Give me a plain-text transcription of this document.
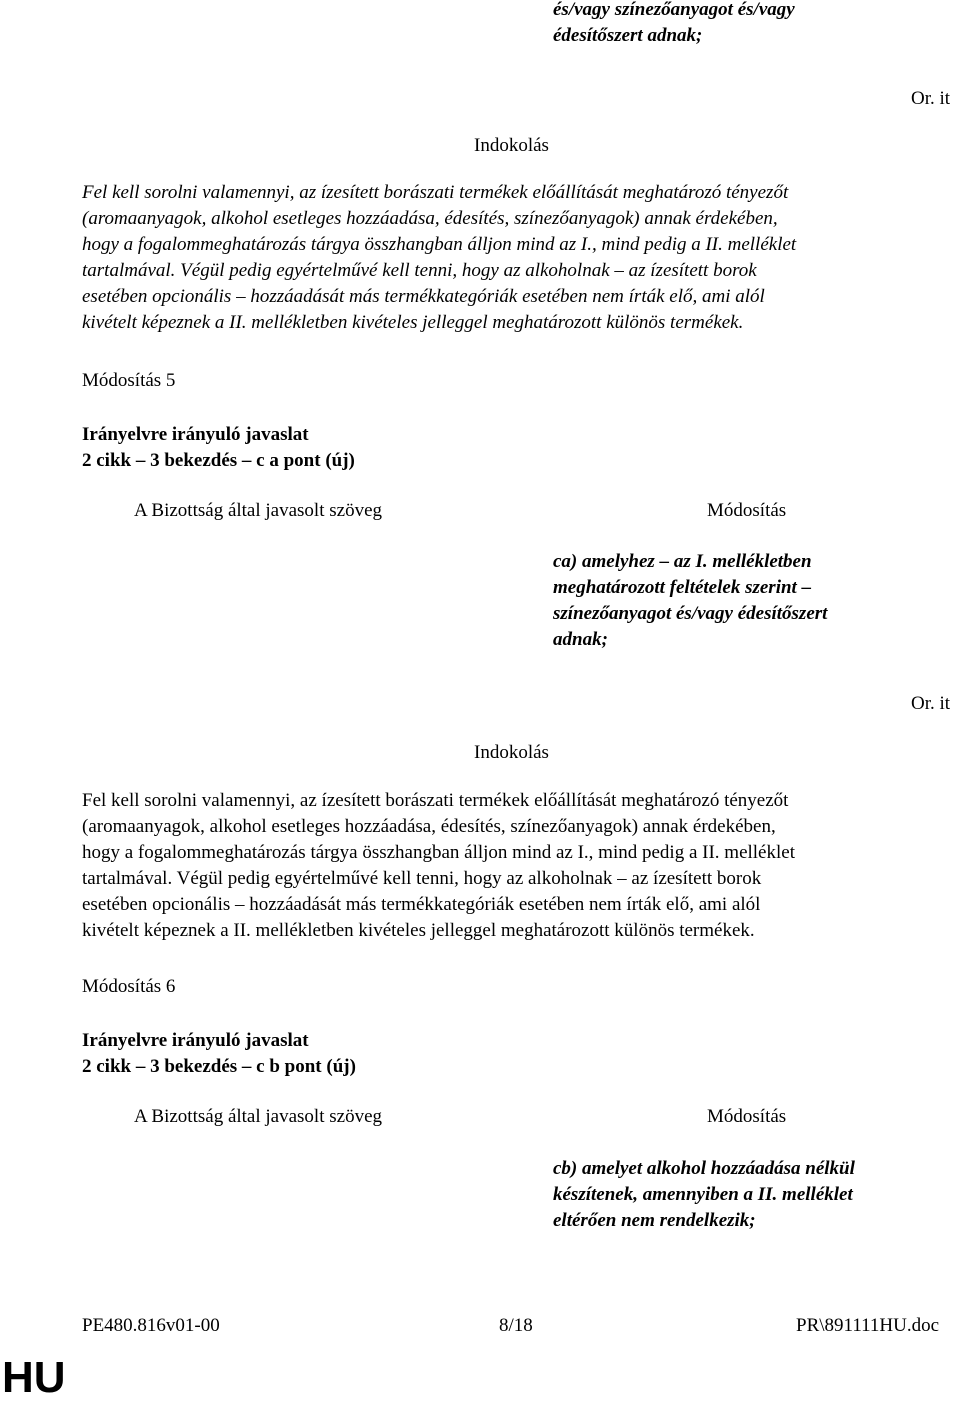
és/vagy színezőanyagot és/vagy
édesítőszert adnak;
Or. it
Indokolás
Fel kell sorolni valamennyi, az ízesített borászati termékek előállítását meghatározó tényezőt
(aromaanyagok, alkohol esetleges hozzáadása, édesítés, színezőanyagok) annak érdekében,
hogy a fogalommeghatározás tárgya összhangban álljon mind az I., mind pedig a II. melléklet
tartalmával. Végül pedig egyértelművé kell tenni, hogy az alkoholnak – az ízesített borok
esetében opcionális – hozzáadását más termékkategóriák esetében nem írták elő, ami alól
kivételt képeznek a II. mellékletben kivételes jelleggel meghatározott különös termékek.
Módosítás 5
Irányelvre irányuló javaslat
2 cikk – 3 bekezdés – c a pont (új)
A Bizottság által javasolt szöveg	Módosítás
ca) amelyhez – az I. mellékletben
meghatározott feltételek szerint –
színezőanyagot és/vagy édesítőszert
adnak;
Or. it
Indokolás
Fel kell sorolni valamennyi, az ízesített borászati termékek előállítását meghatározó tényezőt
(aromaanyagok, alkohol esetleges hozzáadása, édesítés, színezőanyagok) annak érdekében,
hogy a fogalommeghatározás tárgya összhangban álljon mind az I., mind pedig a II. melléklet
tartalmával. Végül pedig egyértelművé kell tenni, hogy az alkoholnak – az ízesített borok
esetében opcionális – hozzáadását más termékkategóriák esetében nem írták elő, ami alól
kivételt képeznek a II. mellékletben kivételes jelleggel meghatározott különös termékek.
Módosítás 6
Irányelvre irányuló javaslat
2 cikk – 3 bekezdés – c b pont (új)
A Bizottság által javasolt szöveg	Módosítás
cb) amelyet alkohol hozzáadása nélkül
készítenek, amennyiben a II. melléklet
eltérően nem rendelkezik;
PE480.816v01-00	8/18	PR\891111HU.doc
HU
